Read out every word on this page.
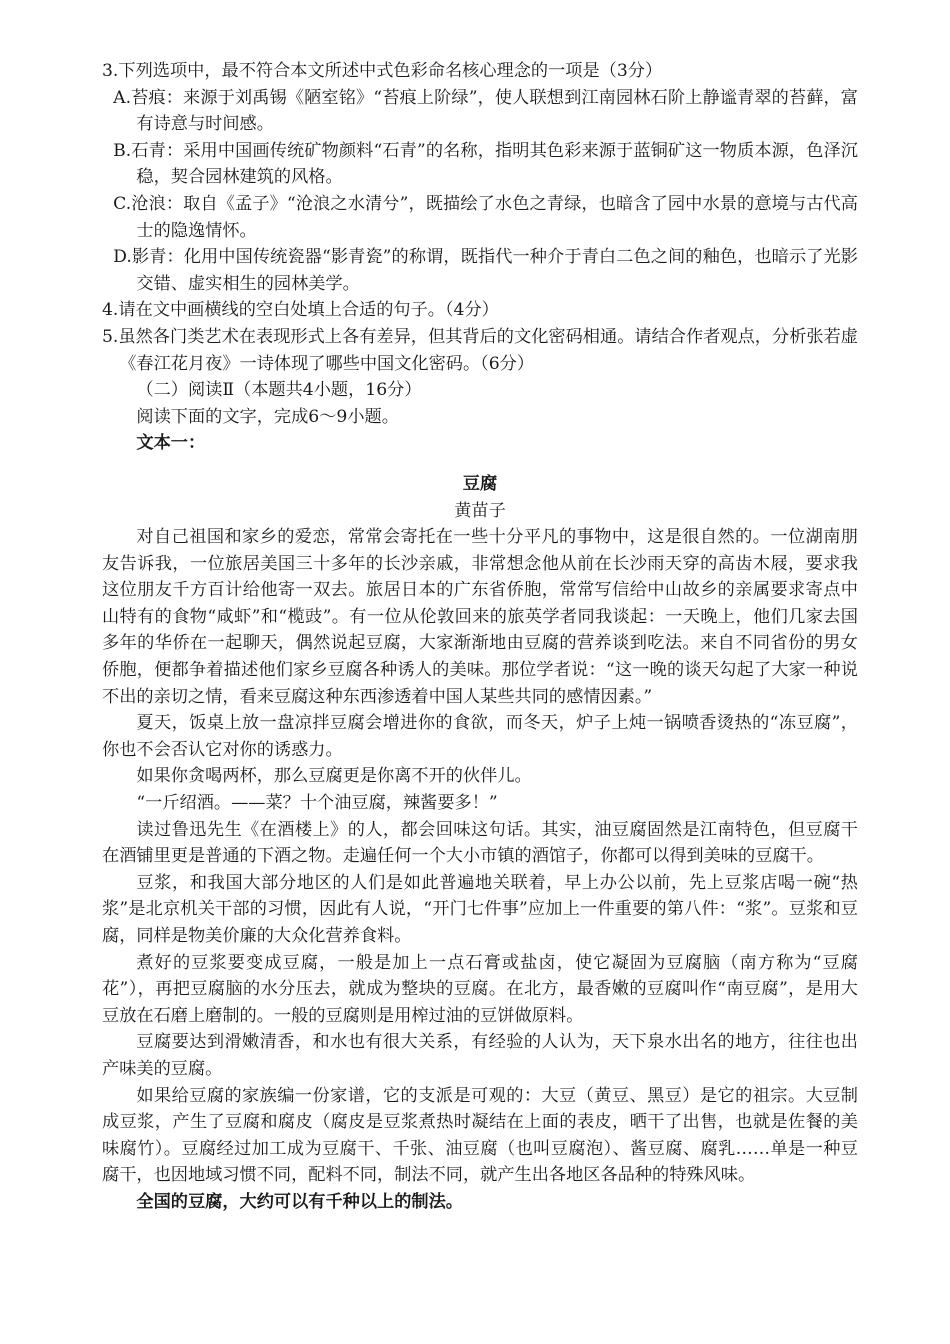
3.下列选项中，最不符合本文所述中式色彩命名核心理念的一项是（3分）

A.苔痕：来源于刘禹锡《陋室铭》“苔痕上阶绿”，使人联想到江南园林石阶上静谧青翠的苔藓，富有诗意与时间感。

B.石青：采用中国画传统矿物颜料“石青”的名称，指明其色彩来源于蓝铜矿这一物质本源，色泽沉稳，契合园林建筑的风格。

C.沧浪：取自《孟子》“沧浪之水清兮”，既描绘了水色之青绿，也暗含了园中水景的意境与古代高士的隐逸情怀。

D.影青：化用中国传统瓷器“影青瓷”的称谓，既指代一种介于青白二色之间的釉色，也暗示了光影交错、虚实相生的园林美学。

4.请在文中画横线的空白处填上合适的句子。（4分）

5.虽然各门类艺术在表现形式上各有差异，但其背后的文化密码相通。请结合作者观点，分析张若虚《春江花月夜》一诗体现了哪些中国文化密码。（6分）

（二）阅读Ⅱ（本题共4小题，16分）

阅读下面的文字，完成6～9小题。

文本一：

豆腐

黄苗子

对自己祖国和家乡的爱恋，常常会寄托在一些十分平凡的事物中，这是很自然的。一位湖南朋友告诉我，一位旅居美国三十多年的长沙亲戚，非常想念他从前在长沙雨天穿的高齿木屐，要求我这位朋友千方百计给他寄一双去。旅居日本的广东省侨胞，常常写信给中山故乡的亲属要求寄点中山特有的食物“咸虾”和“榄豉”。有一位从伦敦回来的旅英学者同我谈起：一天晚上，他们几家去国多年的华侨在一起聊天，偶然说起豆腐，大家渐渐地由豆腐的营养谈到吃法。来自不同省份的男女侨胞，便都争着描述他们家乡豆腐各种诱人的美味。那位学者说：“这一晚的谈天勾起了大家一种说不出的亲切之情，看来豆腐这种东西渗透着中国人某些共同的感情因素。”

夏天，饭桌上放一盘凉拌豆腐会增进你的食欲，而冬天，炉子上炖一锅喷香烫热的“冻豆腐”，你也不会否认它对你的诱惑力。

如果你贪喝两杯，那么豆腐更是你离不开的伙伴儿。

“一斤绍酒。——菜？十个油豆腐，辣酱要多！”

读过鲁迅先生《在酒楼上》的人，都会回味这句话。其实，油豆腐固然是江南特色，但豆腐干在酒铺里更是普通的下酒之物。走遍任何一个大小市镇的酒馆子，你都可以得到美味的豆腐干。

豆浆，和我国大部分地区的人们是如此普遍地关联着，早上办公以前，先上豆浆店喝一碗“热浆”是北京机关干部的习惯，因此有人说，“开门七件事”应加上一件重要的第八件：“浆”。豆浆和豆腐，同样是物美价廉的大众化营养食料。

煮好的豆浆要变成豆腐，一般是加上一点石膏或盐卤，使它凝固为豆腐脑（南方称为“豆腐花”），再把豆腐脑的水分压去，就成为整块的豆腐。在北方，最香嫩的豆腐叫作“南豆腐”，是用大豆放在石磨上磨制的。一般的豆腐则是用榨过油的豆饼做原料。

豆腐要达到滑嫩清香，和水也有很大关系，有经验的人认为，天下泉水出名的地方，往往也出产味美的豆腐。

如果给豆腐的家族编一份家谱，它的支派是可观的：大豆（黄豆、黑豆）是它的祖宗。大豆制成豆浆，产生了豆腐和腐皮（腐皮是豆浆煮热时凝结在上面的表皮，晒干了出售，也就是佐餐的美味腐竹）。豆腐经过加工成为豆腐干、千张、油豆腐（也叫豆腐泡）、酱豆腐、腐乳……单是一种豆腐干，也因地域习惯不同，配料不同，制法不同，就产生出各地区各品种的特殊风味。

全国的豆腐，大约可以有千种以上的制法。
